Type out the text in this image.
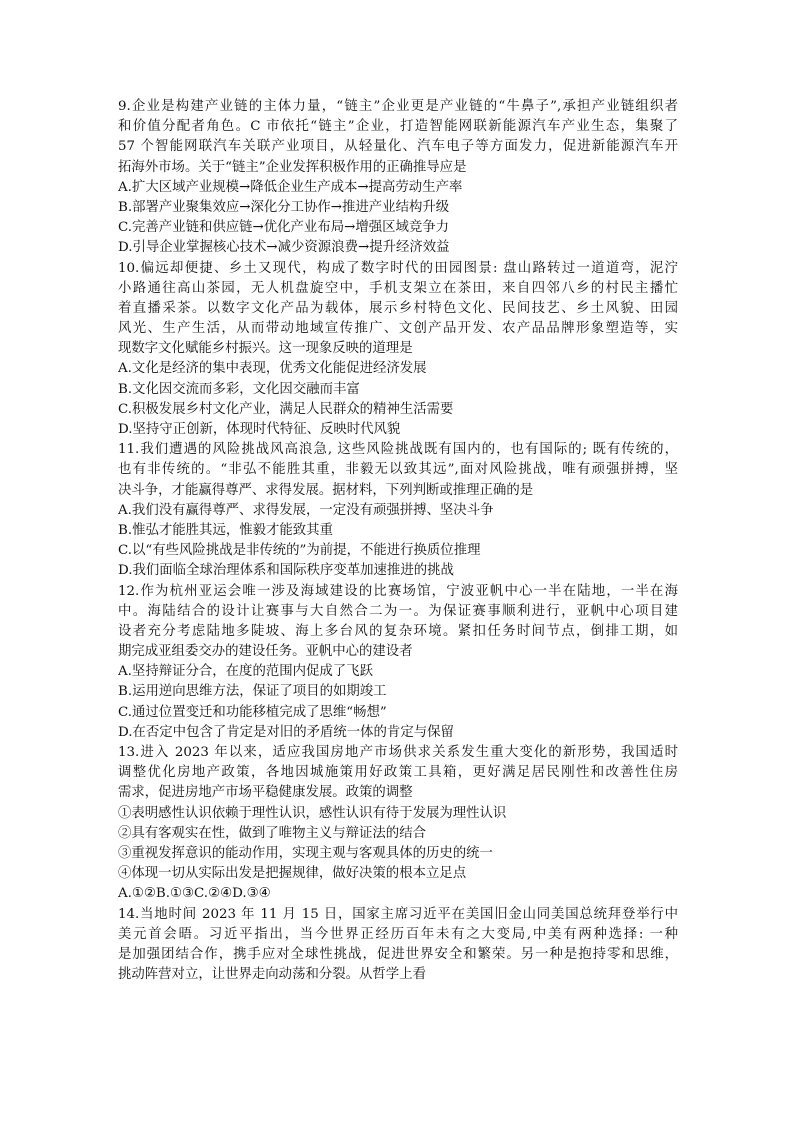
9.企业是构建产业链的主体力量，“链主”企业更是产业链的“牛鼻子”,承担产业链组织者
和价值分配者角色。C 市依托“链主”企业，打造智能网联新能源汽车产业生态，集聚了
57 个智能网联汽车关联产业项目，从轻量化、汽车电子等方面发力，促进新能源汽车开
拓海外市场。关于“链主”企业发挥积极作用的正确推导应是
A.扩大区域产业规模→降低企业生产成本→提高劳动生产率
B.部署产业聚集效应→深化分工协作→推进产业结构升级
C.完善产业链和供应链→优化产业布局→增强区域竞争力
D.引导企业掌握核心技术→减少资源浪费→提升经济效益
10.偏远却便捷、乡土又现代，构成了数字时代的田园图景: 盘山路转过一道道弯，泥泞
小路通往高山茶园，无人机盘旋空中，手机支架立在茶田，来自四邻八乡的村民主播忙
着直播采茶。以数字文化产品为载体，展示乡村特色文化、民间技艺、乡土风貌、田园
风光、生产生活，从而带动地域宣传推广、文创产品开发、农产品品牌形象塑造等，实
现数字文化赋能乡村振兴。这一现象反映的道理是
A.文化是经济的集中表现，优秀文化能促进经济发展
B.文化因交流而多彩，文化因交融而丰富
C.积极发展乡村文化产业，满足人民群众的精神生活需要
D.坚持守正创新，体现时代特征、反映时代风貌
11.我们遭遇的风险挑战风高浪急, 这些风险挑战既有国内的，也有国际的; 既有传统的，
也有非传统的。“非弘不能胜其重，非毅无以致其远”,面对风险挑战，唯有顽强拼搏，坚
决斗争，才能赢得尊严、求得发展。据材料，下列判断或推理正确的是
A.我们没有赢得尊严、求得发展，一定没有顽强拼搏、坚决斗争
B.惟弘才能胜其远，惟毅才能致其重
C.以“有些风险挑战是非传统的”为前提，不能进行换质位推理
D.我们面临全球治理体系和国际秩序变革加速推进的挑战
12.作为杭州亚运会唯一涉及海域建设的比赛场馆，宁波亚帆中心一半在陆地，一半在海
中。海陆结合的设计让赛事与大自然合二为一。为保证赛事顺利进行，亚帆中心项目建
设者充分考虑陆地多陡坡、海上多台风的复杂环境。紧扣任务时间节点，倒排工期，如
期完成亚组委交办的建设任务。亚帆中心的建设者
A.坚持辩证分合，在度的范围内促成了飞跃
B.运用逆向思维方法，保证了项目的如期竣工
C.通过位置变迁和功能移植完成了思维“畅想”
D.在否定中包含了肯定是对旧的矛盾统一体的肯定与保留
13.进入 2023 年以来，适应我国房地产市场供求关系发生重大变化的新形势，我国适时
调整优化房地产政策，各地因城施策用好政策工具箱，更好满足居民刚性和改善性住房
需求，促进房地产市场平稳健康发展。政策的调整
①表明感性认识依赖于理性认识，感性认识有待于发展为理性认识
②具有客观实在性，做到了唯物主义与辩证法的结合
③重视发挥意识的能动作用，实现主观与客观具体的历史的统一
④体现一切从实际出发是把握规律，做好决策的根本立足点
A.①②B.①③C.②④D.③④
14.当地时间 2023 年 11 月 15 日，国家主席习近平在美国旧金山同美国总统拜登举行中
美元首会晤。习近平指出，当今世界正经历百年未有之大变局,中美有两种选择: 一种
是加强团结合作，携手应对全球性挑战，促进世界安全和繁荣。另一种是抱持零和思维，
挑动阵营对立，让世界走向动荡和分裂。从哲学上看
